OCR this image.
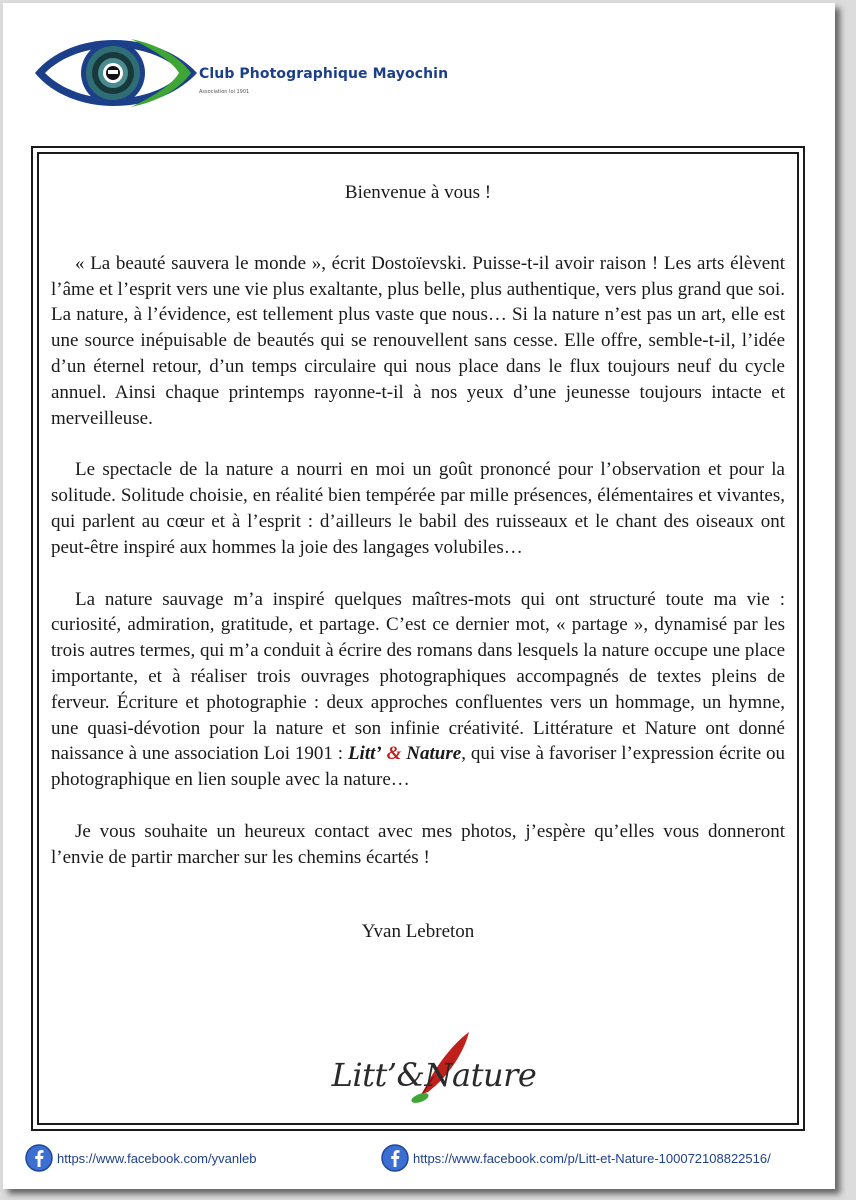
Club Photographique Mayochin
Association loi 1901

Bienvenue à vous !

« La beauté sauvera le monde », écrit Dostoïevski. Puisse-t-il avoir raison ! Les arts élèvent l’âme et l’esprit vers une vie plus exaltante, plus belle, plus authentique, vers plus grand que soi. La nature, à l’évidence, est tellement plus vaste que nous… Si la nature n’est pas un art, elle est une source inépuisable de beautés qui se renouvellent sans cesse. Elle offre, semble-t-il, l’idée d’un éternel retour, d’un temps circulaire qui nous place dans le flux toujours neuf du cycle annuel. Ainsi chaque printemps rayonne-t-il à nos yeux d’une jeunesse toujours intacte et merveilleuse.

Le spectacle de la nature a nourri en moi un goût prononcé pour l’observation et pour la solitude. Solitude choisie, en réalité bien tempérée par mille présences, élémentaires et vivantes, qui parlent au cœur et à l’esprit : d’ailleurs le babil des ruisseaux et le chant des oiseaux ont peut-être inspiré aux hommes la joie des langages volubiles…

La nature sauvage m’a inspiré quelques maîtres-mots qui ont structuré toute ma vie : curiosité, admiration, gratitude, et partage. C’est ce dernier mot, « partage », dynamisé par les trois autres termes, qui m’a conduit à écrire des romans dans lesquels la nature occupe une place importante, et à réaliser trois ouvrages photographiques accompagnés de textes pleins de ferveur. Écriture et photographie : deux approches confluentes vers un hommage, un hymne, une quasi-dévotion pour la nature et son infinie créativité. Littérature et Nature ont donné naissance à une association Loi 1901 : Litt’ & Nature, qui vise à favoriser l’expression écrite ou photographique en lien souple avec la nature…

Je vous souhaite un heureux contact avec mes photos, j’espère qu’elles vous donneront l’envie de partir marcher sur les chemins écartés !

Yvan Lebreton

Litt’&Nature
https://www.facebook.com/yvanleb	https://www.facebook.com/p/Litt-et-Nature-100072108822516/
